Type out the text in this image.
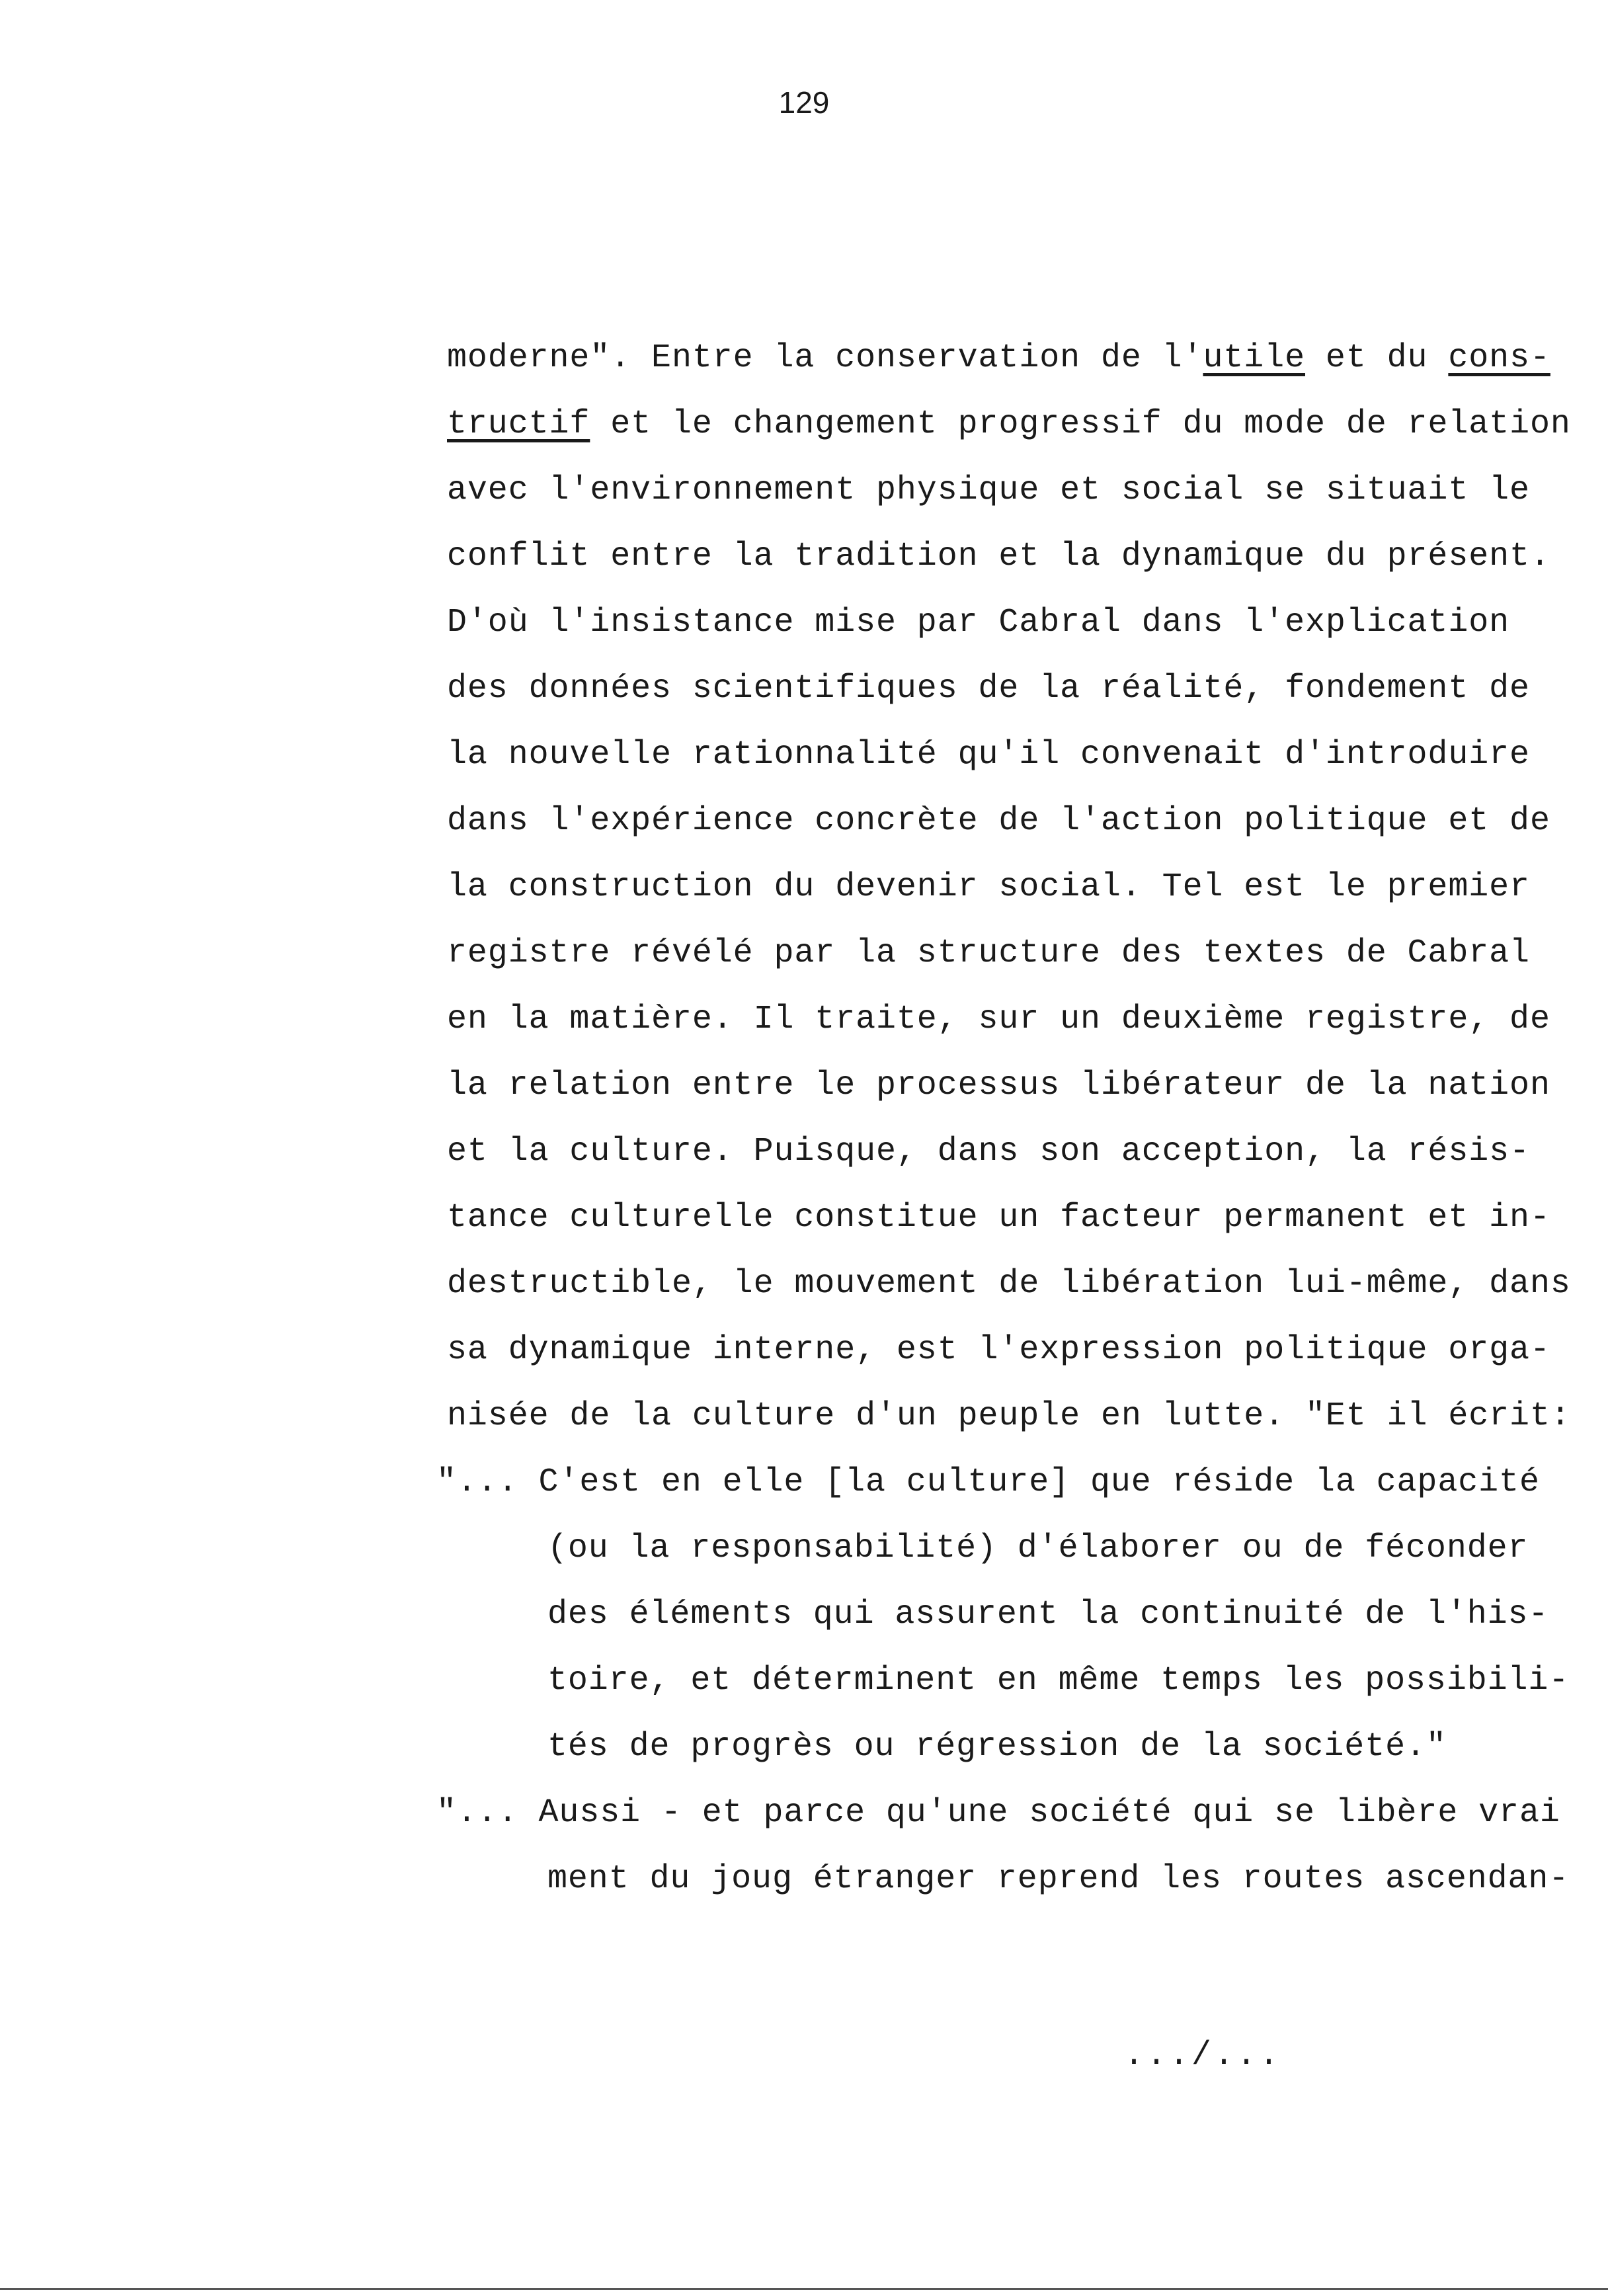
129
moderne". Entre la conservation de l'utile et du cons-
tructif et le changement progressif du mode de relation
avec l'environnement physique et social se situait le
conflit entre la tradition et la dynamique du présent.
D'où l'insistance mise par Cabral dans l'explication
des données scientifiques de la réalité, fondement de
la nouvelle rationnalité qu'il convenait d'introduire
dans l'expérience concrète de l'action politique et de
la construction du devenir social. Tel est le premier
registre révélé par la structure des textes de Cabral
en la matière. Il traite, sur un deuxième registre, de
la relation entre le processus libérateur de la nation
et la culture. Puisque, dans son acception, la résis-
tance culturelle constitue un facteur permanent et in-
destructible, le mouvement de libération lui-même, dans
sa dynamique interne, est l'expression politique orga-
nisée de la culture d'un peuple en lutte. "Et il écrit:
"... C'est en elle [la culture] que réside la capacité
(ou la responsabilité) d'élaborer ou de féconder
des éléments qui assurent la continuité de l'his-
toire, et déterminent en même temps les possibili-
tés de progrès ou régression de la société."
"... Aussi - et parce qu'une société qui se libère vrai
ment du joug étranger reprend les routes ascendan-
.../...
